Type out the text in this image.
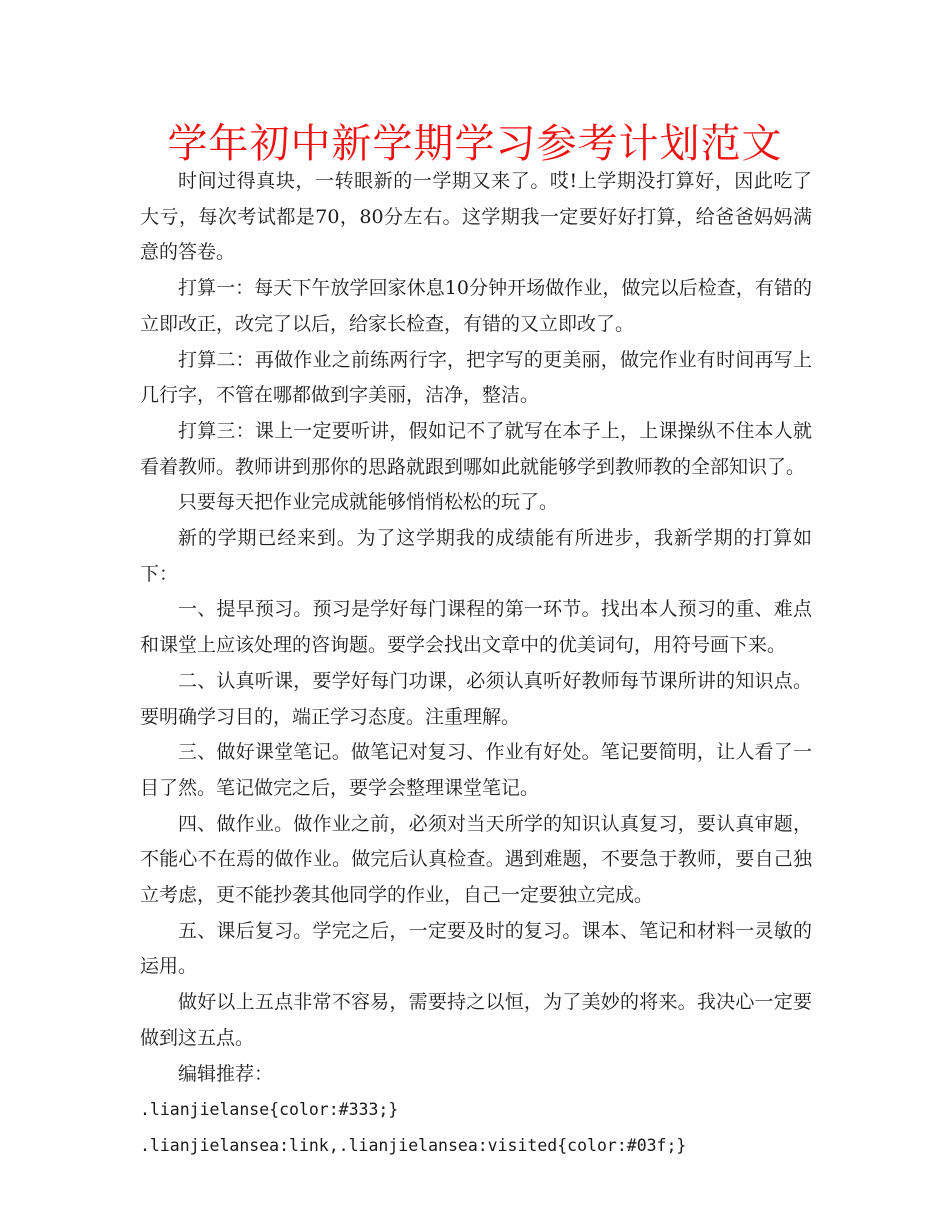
学年初中新学期学习参考计划范文

时间过得真块，一转眼新的一学期又来了。哎!上学期没打算好，因此吃了大亏，每次考试都是70，80分左右。这学期我一定要好好打算，给爸爸妈妈满意的答卷。

打算一：每天下午放学回家休息10分钟开场做作业，做完以后检查，有错的立即改正，改完了以后，给家长检查，有错的又立即改了。

打算二：再做作业之前练两行字，把字写的更美丽，做完作业有时间再写上几行字，不管在哪都做到字美丽，洁净，整洁。

打算三：课上一定要听讲，假如记不了就写在本子上，上课操纵不住本人就看着教师。教师讲到那你的思路就跟到哪如此就能够学到教师教的全部知识了。

只要每天把作业完成就能够悄悄松松的玩了。

新的学期已经来到。为了这学期我的成绩能有所进步，我新学期的打算如下：

一、提早预习。预习是学好每门课程的第一环节。找出本人预习的重、难点和课堂上应该处理的咨询题。要学会找出文章中的优美词句，用符号画下来。

二、认真听课，要学好每门功课，必须认真听好教师每节课所讲的知识点。要明确学习目的，端正学习态度。注重理解。

三、做好课堂笔记。做笔记对复习、作业有好处。笔记要简明，让人看了一目了然。笔记做完之后，要学会整理课堂笔记。

四、做作业。做作业之前，必须对当天所学的知识认真复习，要认真审题，不能心不在焉的做作业。做完后认真检查。遇到难题，不要急于教师，要自己独立考虑，更不能抄袭其他同学的作业，自己一定要独立完成。

五、课后复习。学完之后，一定要及时的复习。课本、笔记和材料一灵敏的运用。

做好以上五点非常不容易，需要持之以恒，为了美妙的将来。我决心一定要做到这五点。

编辑推荐：

.lianjielanse{color:#333;}

.lianjielansea:link,.lianjielansea:visited{color:#03f;}
